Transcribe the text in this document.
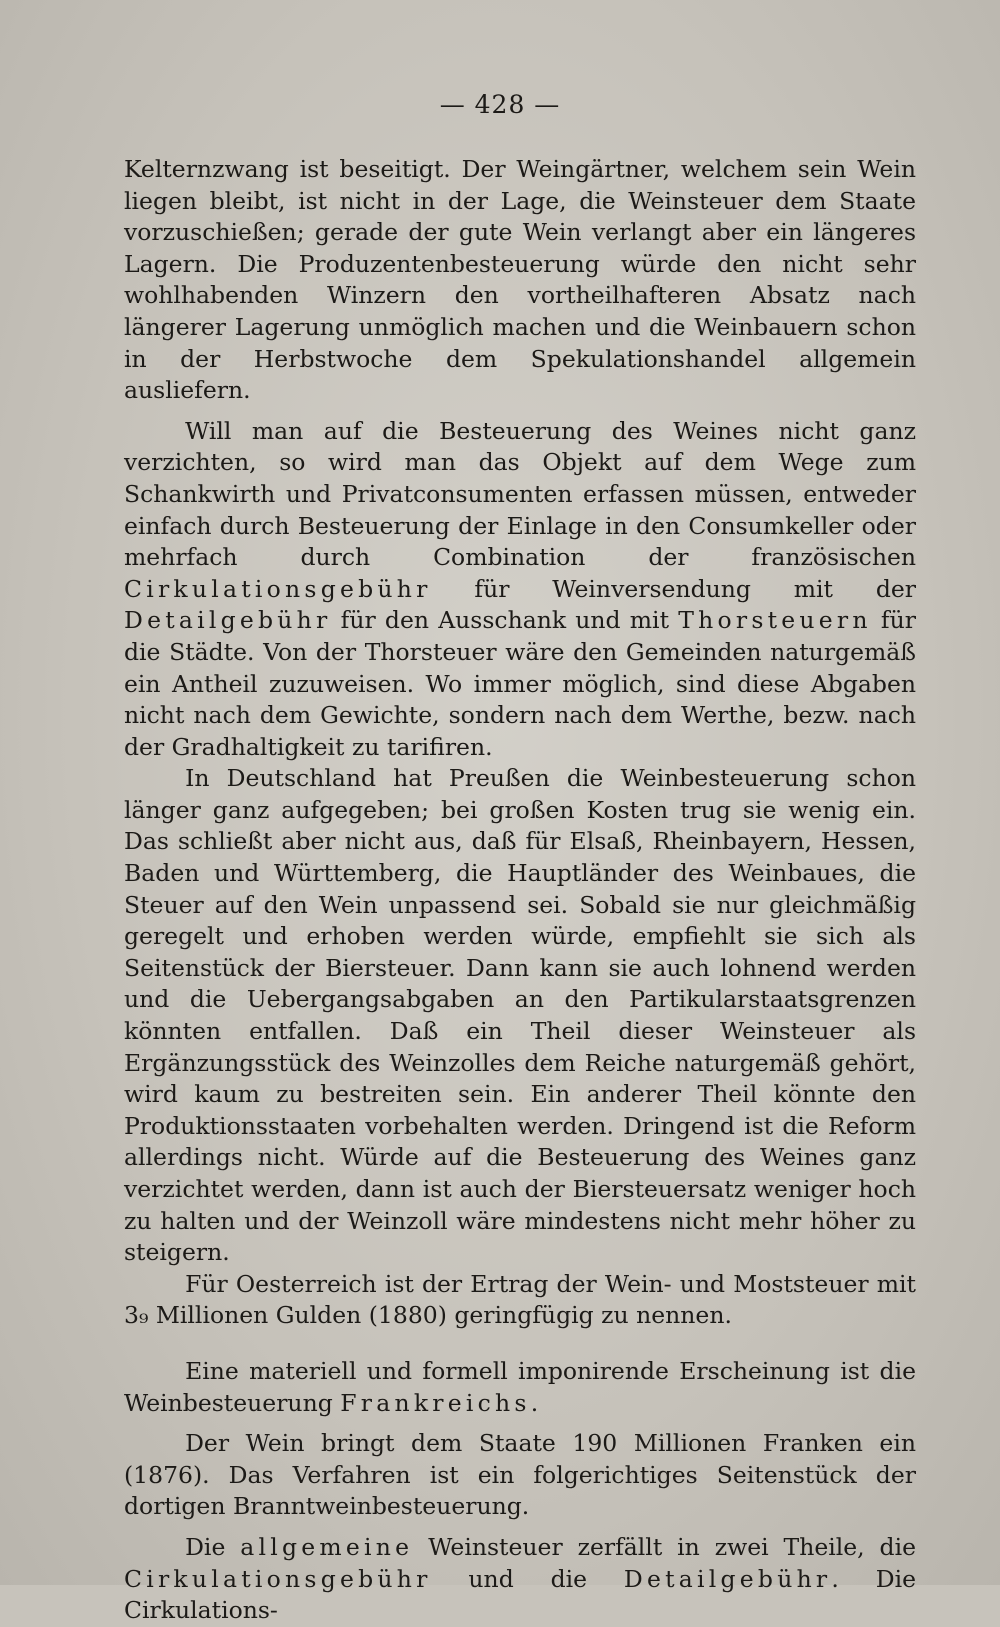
— 428 —

Kelternzwang ist beseitigt. Der Weingärtner, welchem sein Wein liegen bleibt, ist nicht in der Lage, die Weinsteuer dem Staate vorzuschießen; gerade der gute Wein verlangt aber ein längeres Lagern. Die Produzentenbesteuerung würde den nicht sehr wohlhabenden Winzern den vortheilhafteren Absatz nach längerer Lagerung unmöglich machen und die Weinbauern schon in der Herbstwoche dem Spekulationshandel allgemein ausliefern.

Will man auf die Besteuerung des Weines nicht ganz verzichten, so wird man das Objekt auf dem Wege zum Schankwirth und Privatconsumenten erfassen müssen, entweder einfach durch Besteuerung der Einlage in den Consumkeller oder mehrfach durch Combination der französischen Cirkulationsgebühr für Weinversendung mit der Detailgebühr für den Ausschank und mit Thorsteuern für die Städte. Von der Thorsteuer wäre den Gemeinden naturgemäß ein Antheil zuzuweisen. Wo immer möglich, sind diese Abgaben nicht nach dem Gewichte, sondern nach dem Werthe, bezw. nach der Gradhaltigkeit zu tarifiren.

In Deutschland hat Preußen die Weinbesteuerung schon länger ganz aufgegeben; bei großen Kosten trug sie wenig ein. Das schließt aber nicht aus, daß für Elsaß, Rheinbayern, Hessen, Baden und Württemberg, die Hauptländer des Weinbaues, die Steuer auf den Wein unpassend sei. Sobald sie nur gleichmäßig geregelt und erhoben werden würde, empfiehlt sie sich als Seitenstück der Biersteuer. Dann kann sie auch lohnend werden und die Uebergangsabgaben an den Partikularstaatsgrenzen könnten entfallen. Daß ein Theil dieser Weinsteuer als Ergänzungsstück des Weinzolles dem Reiche naturgemäß gehört, wird kaum zu bestreiten sein. Ein anderer Theil könnte den Produktionsstaaten vorbehalten werden. Dringend ist die Reform allerdings nicht. Würde auf die Besteuerung des Weines ganz verzichtet werden, dann ist auch der Biersteuersatz weniger hoch zu halten und der Weinzoll wäre mindestens nicht mehr höher zu steigern.

Für Oesterreich ist der Ertrag der Wein- und Moststeuer mit 3₉ Millionen Gulden (1880) geringfügig zu nennen.

Eine materiell und formell imponirende Erscheinung ist die Weinbesteuerung Frankreichs.

Der Wein bringt dem Staate 190 Millionen Franken ein (1876). Das Verfahren ist ein folgerichtiges Seitenstück der dortigen Branntweinbesteuerung.

Die allgemeine Weinsteuer zerfällt in zwei Theile, die Cirkulationsgebühr und die Detailgebühr. Die Cirkulations-
